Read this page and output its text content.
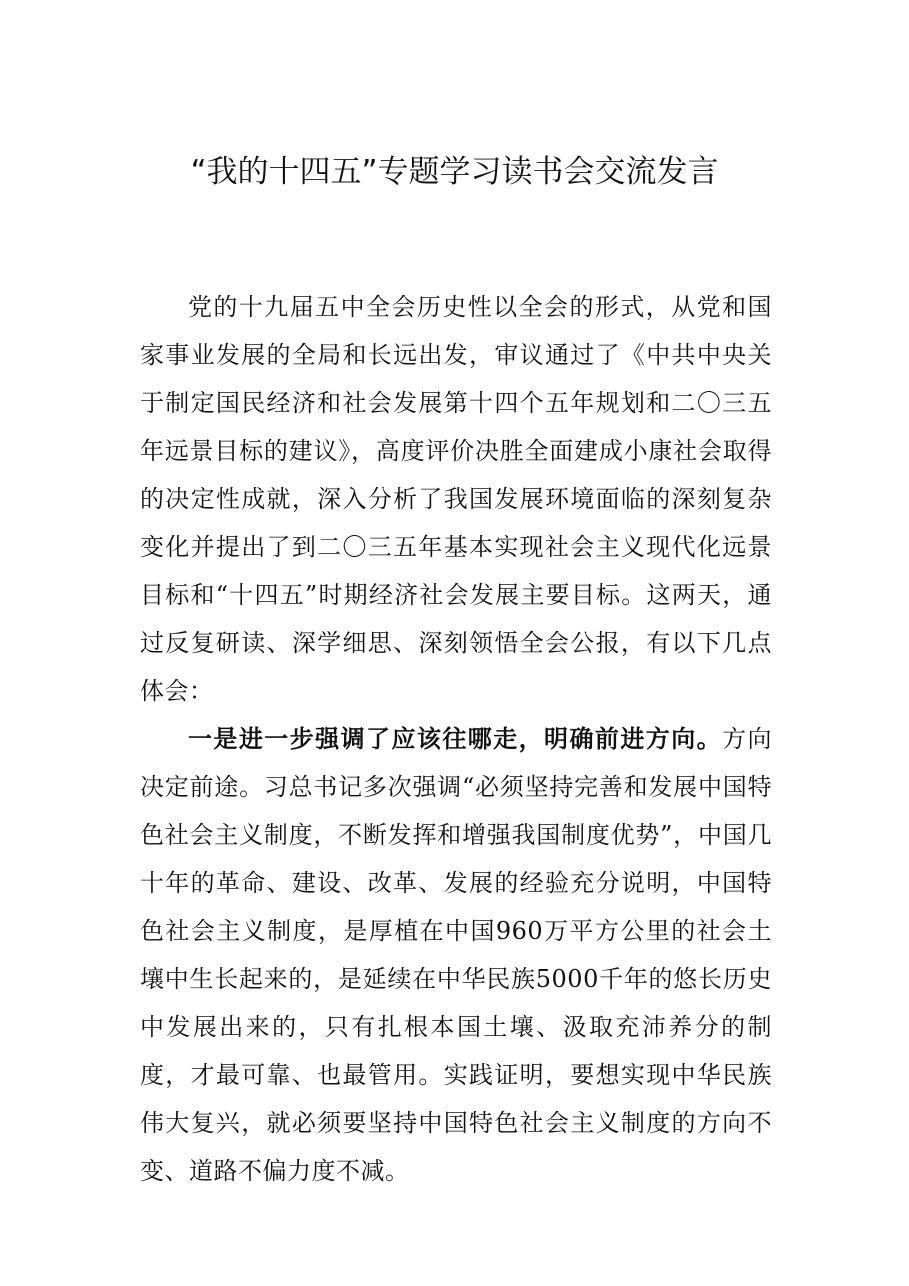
“我的十四五”专题学习读书会交流发言

党的十九届五中全会历史性以全会的形式，从党和国家事业发展的全局和长远出发，审议通过了《中共中央关于制定国民经济和社会发展第十四个五年规划和二〇三五年远景目标的建议》，高度评价决胜全面建成小康社会取得的决定性成就，深入分析了我国发展环境面临的深刻复杂变化并提出了到二〇三五年基本实现社会主义现代化远景目标和“十四五”时期经济社会发展主要目标。这两天，通过反复研读、深学细思、深刻领悟全会公报，有以下几点体会：

一是进一步强调了应该往哪走，明确前进方向。方向决定前途。习总书记多次强调“必须坚持完善和发展中国特色社会主义制度，不断发挥和增强我国制度优势”，中国几十年的革命、建设、改革、发展的经验充分说明，中国特色社会主义制度，是厚植在中国960万平方公里的社会土壤中生长起来的，是延续在中华民族5000千年的悠长历史中发展出来的，只有扎根本国土壤、汲取充沛养分的制度，才最可靠、也最管用。实践证明，要想实现中华民族伟大复兴，就必须要坚持中国特色社会主义制度的方向不变、道路不偏力度不减。
